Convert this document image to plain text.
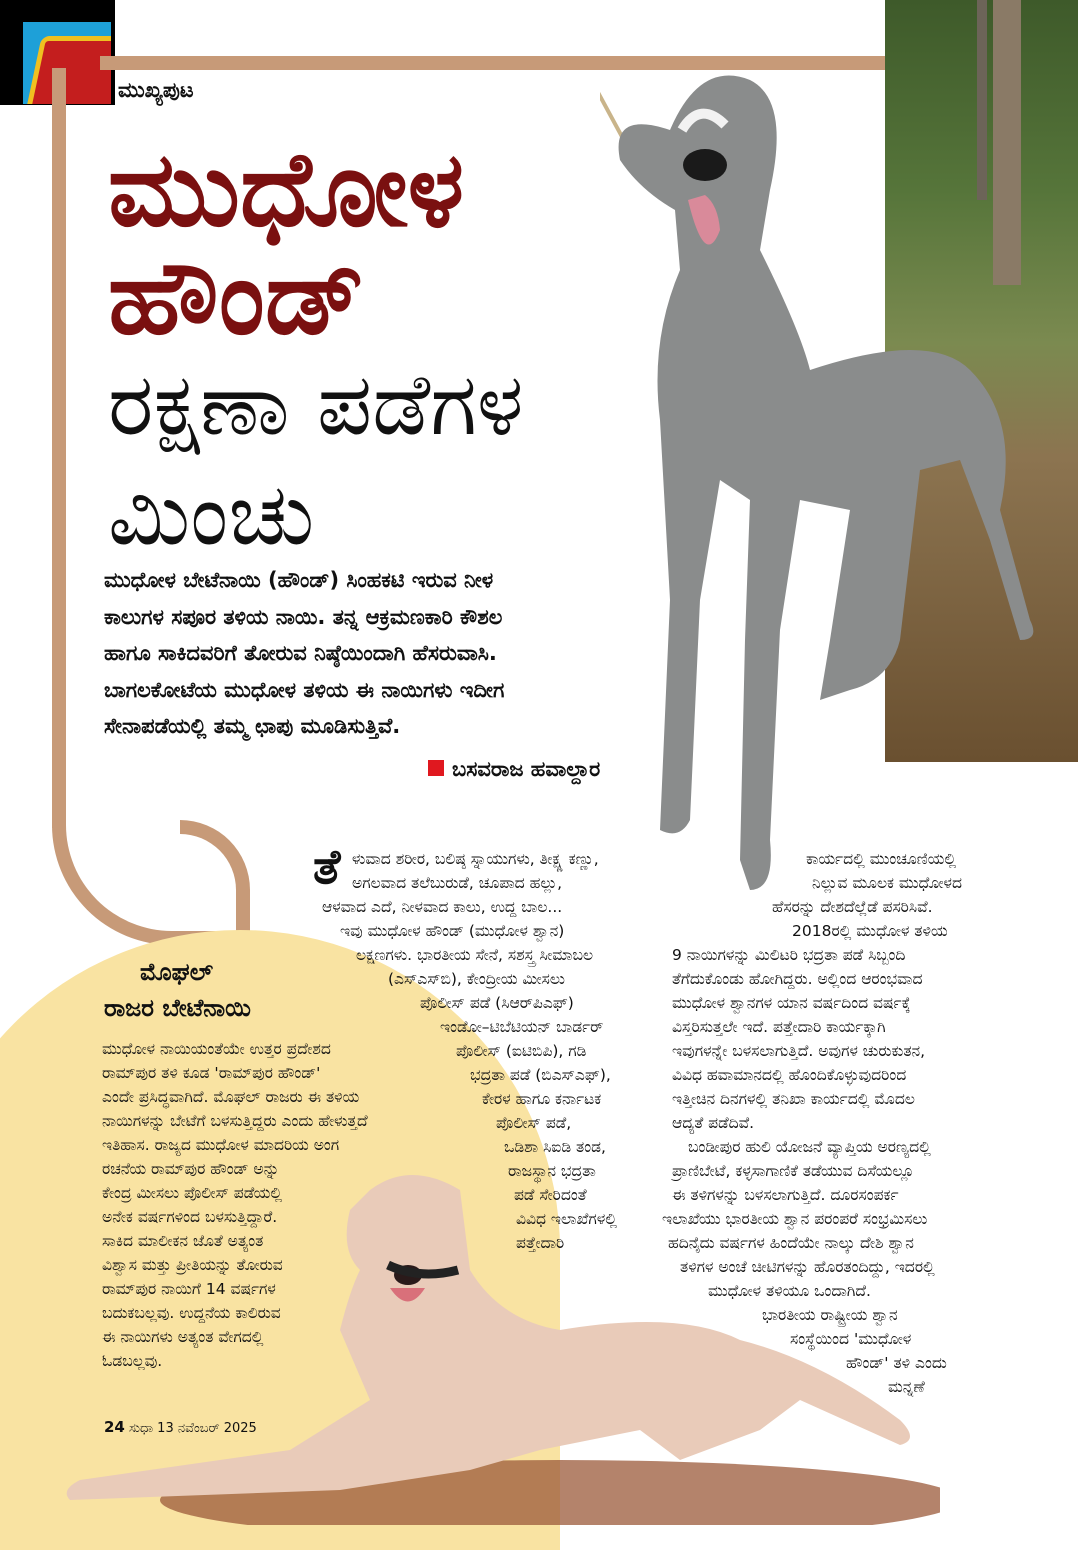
ಮುಖ್ಯಪುಟ
ಮುಧೋಳ
ಹೌಂಡ್
ರಕ್ಷಣಾ ಪಡೆಗಳ
ಮಿಂಚು
ಮುಧೋಳ ಬೇಟೆನಾಯಿ (ಹೌಂಡ್) ಸಿಂಹಕಟಿ ಇರುವ ನೀಳ
ಕಾಲುಗಳ ಸಪೂರ ತಳಿಯ ನಾಯಿ. ತನ್ನ ಆಕ್ರಮಣಕಾರಿ ಕೌಶಲ
ಹಾಗೂ ಸಾಕಿದವರಿಗೆ ತೋರುವ ನಿಷ್ಠೆಯಿಂದಾಗಿ ಹೆಸರುವಾಸಿ.
ಬಾಗಲಕೋಟೆಯ ಮುಧೋಳ ತಳಿಯ ಈ ನಾಯಿಗಳು ಇದೀಗ
ಸೇನಾಪಡೆಯಲ್ಲಿ ತಮ್ಮ ಛಾಪು ಮೂಡಿಸುತ್ತಿವೆ.
ಬಸವರಾಜ ಹವಾಲ್ದಾರ
ಮೊಘಲ್
ರಾಜರ ಬೇಟೆನಾಯಿ
ಮುಧೋಳ ನಾಯಿಯಂತೆಯೇ ಉತ್ತರ ಪ್ರದೇಶದ
ರಾಮ್‌ಪುರ ತಳಿ ಕೂಡ 'ರಾಮ್‌ಪುರ ಹೌಂಡ್'
ಎಂದೇ ಪ್ರಸಿದ್ಧವಾಗಿದೆ. ಮೊಘಲ್ ರಾಜರು ಈ ತಳಿಯ
ನಾಯಿಗಳನ್ನು ಬೇಟೆಗೆ ಬಳಸುತ್ತಿದ್ದರು ಎಂದು ಹೇಳುತ್ತದೆ
ಇತಿಹಾಸ. ರಾಜ್ಯದ ಮುಧೋಳ ಮಾದರಿಯ ಅಂಗ
ರಚನೆಯ ರಾಮ್‌ಪುರ ಹೌಂಡ್ ಅನ್ನು
ಕೇಂದ್ರ ಮೀಸಲು ಪೊಲೀಸ್ ಪಡೆಯಲ್ಲಿ
ಅನೇಕ ವರ್ಷಗಳಿಂದ ಬಳಸುತ್ತಿದ್ದಾರೆ.
ಸಾಕಿದ ಮಾಲೀಕನ ಜೊತೆ ಅತ್ಯಂತ
ವಿಶ್ವಾಸ ಮತ್ತು ಪ್ರೀತಿಯನ್ನು ತೋರುವ
ರಾಮ್‌ಪುರ ನಾಯಿಗೆ 14 ವರ್ಷಗಳ
ಬದುಕಬಲ್ಲವು. ಉದ್ದನೆಯ ಕಾಲಿರುವ
ಈ ನಾಯಿಗಳು ಅತ್ಯಂತ ವೇಗದಲ್ಲಿ
ಓಡಬಲ್ಲವು.
ತೆ ಳುವಾದ ಶರೀರ, ಬಲಿಷ್ಠ ಸ್ನಾಯುಗಳು, ತೀಕ್ಷ್ಣ ಕಣ್ಣು,
ಅಗಲವಾದ ತಲೆಬುರುಡೆ, ಚೂಪಾದ ಹಲ್ಲು,
ಆಳವಾದ ಎದೆ, ನೀಳವಾದ ಕಾಲು, ಉದ್ದ ಬಾಲ...
ಇವು ಮುಧೋಳ ಹೌಂಡ್ (ಮುಧೋಳ ಶ್ವಾನ)
ಲಕ್ಷಣಗಳು. ಭಾರತೀಯ ಸೇನೆ, ಸಶಸ್ತ್ರ ಸೀಮಾಬಲ
(ಎಸ್‌ಎಸ್‌ಬಿ), ಕೇಂದ್ರೀಯ ಮೀಸಲು
ಪೊಲೀಸ್ ಪಡೆ (ಸಿಆರ್‌ಪಿಎಫ್)
ಇಂಡೋ–ಟಿಬೆಟಿಯನ್ ಬಾರ್ಡರ್
ಪೊಲೀಸ್ (ಐಟಿಬಿಪಿ), ಗಡಿ
ಭದ್ರತಾ ಪಡೆ (ಬಿಎಸ್‌ಎಫ್),
ಕೇರಳ ಹಾಗೂ ಕರ್ನಾಟಕ
ಪೊಲೀಸ್ ಪಡೆ,
ಒಡಿಶಾ ಸಿಐಡಿ ತಂಡ,
ರಾಜಸ್ಥಾನ ಭದ್ರತಾ
ಪಡೆ ಸೇರಿದಂತೆ
ವಿವಿಧ ಇಲಾಖೆಗಳಲ್ಲಿ
ಪತ್ತೇದಾರಿ
ಕಾರ್ಯದಲ್ಲಿ ಮುಂಚೂಣಿಯಲ್ಲಿ
ನಿಲ್ಲುವ ಮೂಲಕ ಮುಧೋಳದ
ಹೆಸರನ್ನು ದೇಶದೆಲ್ಲೆಡೆ ಪಸರಿಸಿವೆ.
2018ರಲ್ಲಿ ಮುಧೋಳ ತಳಿಯ
9 ನಾಯಿಗಳನ್ನು ಮಿಲಿಟರಿ ಭದ್ರತಾ ಪಡೆ ಸಿಬ್ಬಂದಿ
ತೆಗೆದುಕೊಂಡು ಹೋಗಿದ್ದರು. ಅಲ್ಲಿಂದ ಆರಂಭವಾದ
ಮುಧೋಳ ಶ್ವಾನಗಳ ಯಾನ ವರ್ಷದಿಂದ ವರ್ಷಕ್ಕೆ
ವಿಸ್ತರಿಸುತ್ತಲೇ ಇದೆ. ಪತ್ತೇದಾರಿ ಕಾರ್ಯಕ್ಕಾಗಿ
ಇವುಗಳನ್ನೇ ಬಳಸಲಾಗುತ್ತಿದೆ. ಅವುಗಳ ಚುರುಕುತನ,
ವಿವಿಧ ಹವಾಮಾನದಲ್ಲಿ ಹೊಂದಿಕೊಳ್ಳುವುದರಿಂದ
ಇತ್ತೀಚಿನ ದಿನಗಳಲ್ಲಿ ತನಿಖಾ ಕಾರ್ಯದಲ್ಲಿ ಮೊದಲ
ಆದ್ಯತೆ ಪಡೆದಿವೆ.
ಬಂಡೀಪುರ ಹುಲಿ ಯೋಜನೆ ವ್ಯಾಪ್ತಿಯ ಅರಣ್ಯದಲ್ಲಿ
ಪ್ರಾಣಿಬೇಟೆ, ಕಳ್ಳಸಾಗಾಣಿಕೆ ತಡೆಯುವ ದಿಸೆಯಲ್ಲೂ
ಈ ತಳಿಗಳನ್ನು ಬಳಸಲಾಗುತ್ತಿದೆ. ದೂರಸಂಪರ್ಕ
ಇಲಾಖೆಯು ಭಾರತೀಯ ಶ್ವಾನ ಪರಂಪರೆ ಸಂಭ್ರಮಿಸಲು
ಹದಿನೈದು ವರ್ಷಗಳ ಹಿಂದೆಯೇ ನಾಲ್ಕು ದೇಶಿ ಶ್ವಾನ
ತಳಿಗಳ ಅಂಚೆ ಚೀಟಿಗಳನ್ನು ಹೊರತಂದಿದ್ದು, ಇದರಲ್ಲಿ
ಮುಧೋಳ ತಳಿಯೂ ಒಂದಾಗಿದೆ.
ಭಾರತೀಯ ರಾಷ್ಟ್ರೀಯ ಶ್ವಾನ
ಸಂಸ್ಥೆಯಿಂದ 'ಮುಧೋಳ
ಹೌಂಡ್' ತಳಿ ಎಂದು
ಮನ್ನಣೆ
24 ಸುಧಾ 13 ನವೆಂಬರ್ 2025
